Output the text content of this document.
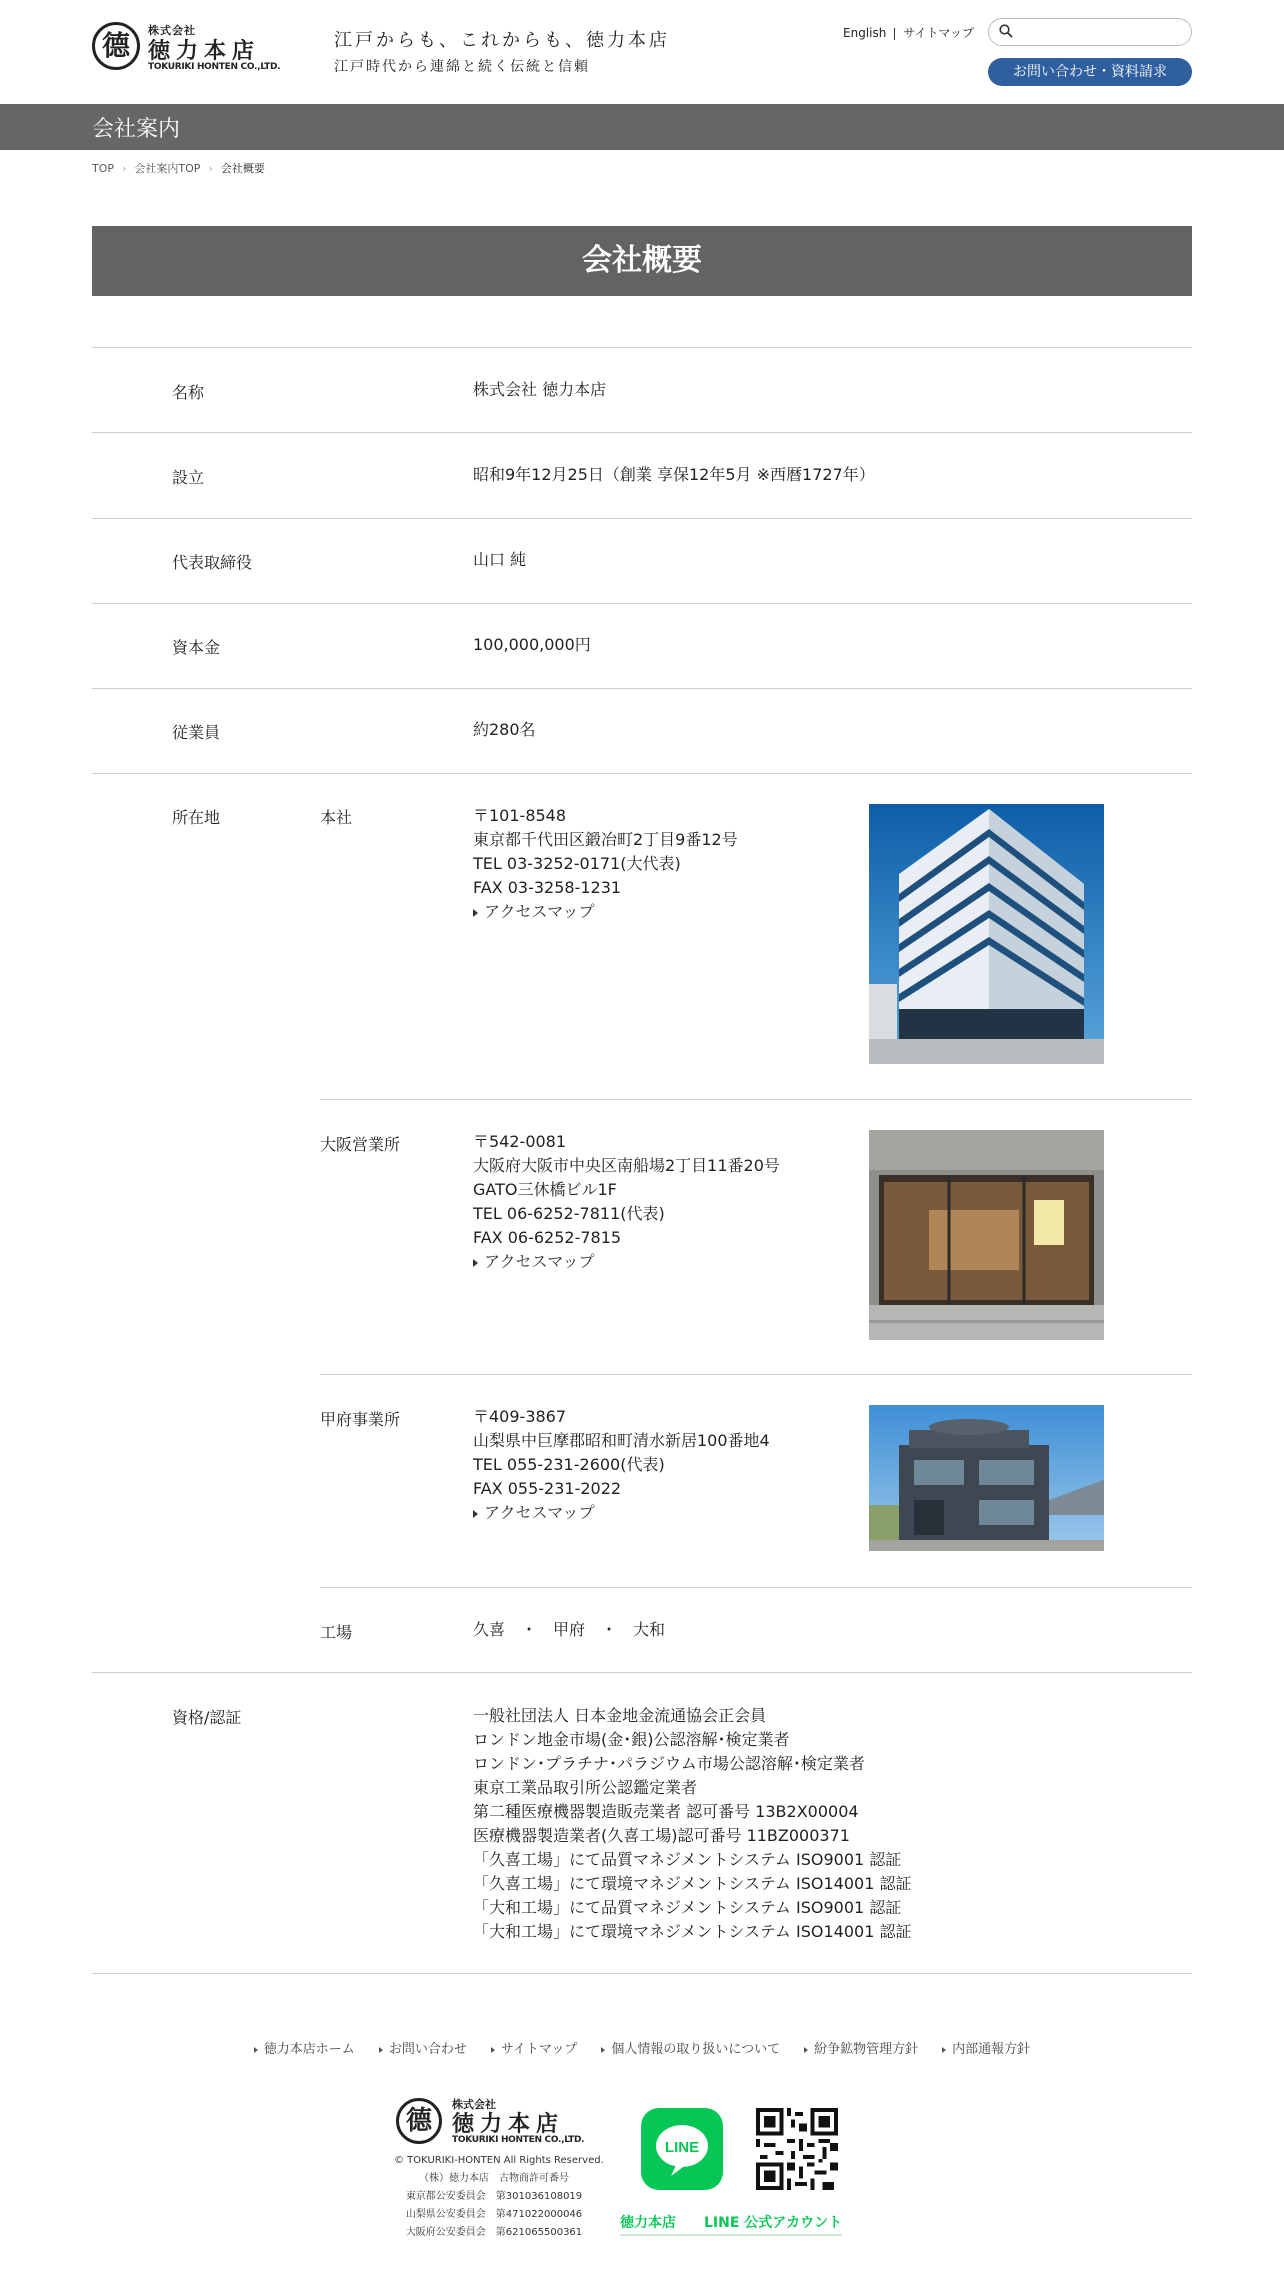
德	株式会社
徳力本店
TOKURIKI HONTEN CO.,LTD.
江戸からも、これからも、徳力本店
江戸時代から連綿と続く伝統と信頼
English サイトマップ
お問い合わせ・資料請求
会社案内
TOP › 会社案内TOP › 会社概要
会社概要
名称	株式会社 徳力本店
設立	昭和9年12月25日（創業 享保12年5月 ※西暦1727年）
代表取締役	山口 純
資本金	100,000,000円
従業員	約280名
所在地	本社	〒101-8548
東京都千代田区鍛冶町2丁目9番12号
TEL 03-3252-0171(大代表)
FAX 03-3258-1231
アクセスマップ
大阪営業所	〒542-0081
大阪府大阪市中央区南船場2丁目11番20号
GATO三休橋ビル1F
TEL 06-6252-7811(代表)
FAX 06-6252-7815
アクセスマップ
甲府事業所	〒409-3867
山梨県中巨摩郡昭和町清水新居100番地4
TEL 055-231-2600(代表)
FAX 055-231-2022
アクセスマップ
工場	久喜　・　甲府　・　大和
資格/認証	一般社団法人 日本金地金流通協会正会員
ロンドン地金市場(金･銀)公認溶解･検定業者
ロンドン･プラチナ･パラジウム市場公認溶解･検定業者
東京工業品取引所公認鑑定業者
第二種医療機器製造販売業者 認可番号 13B2X00004
医療機器製造業者(久喜工場)認可番号 11BZ000371
「久喜工場」にて品質マネジメントシステム ISO9001 認証
「久喜工場」にて環境マネジメントシステム ISO14001 認証
「大和工場」にて品質マネジメントシステム ISO9001 認証
「大和工場」にて環境マネジメントシステム ISO14001 認証
徳力本店ホーム	お問い合わせ	サイトマップ	個人情報の取り扱いについて	紛争鉱物管理方針	内部通報方針
德
株式会社
徳力本店
TOKURIKI HONTEN CO.,LTD.
© TOKURIKI-HONTEN All Rights Reserved.
（株）徳力本店　古物商許可番号
東京都公安委員会　第301036108019
山梨県公安委員会　第471022000046
大阪府公安委員会　第621065500361
LINE
徳力本店　　LINE 公式アカウント
